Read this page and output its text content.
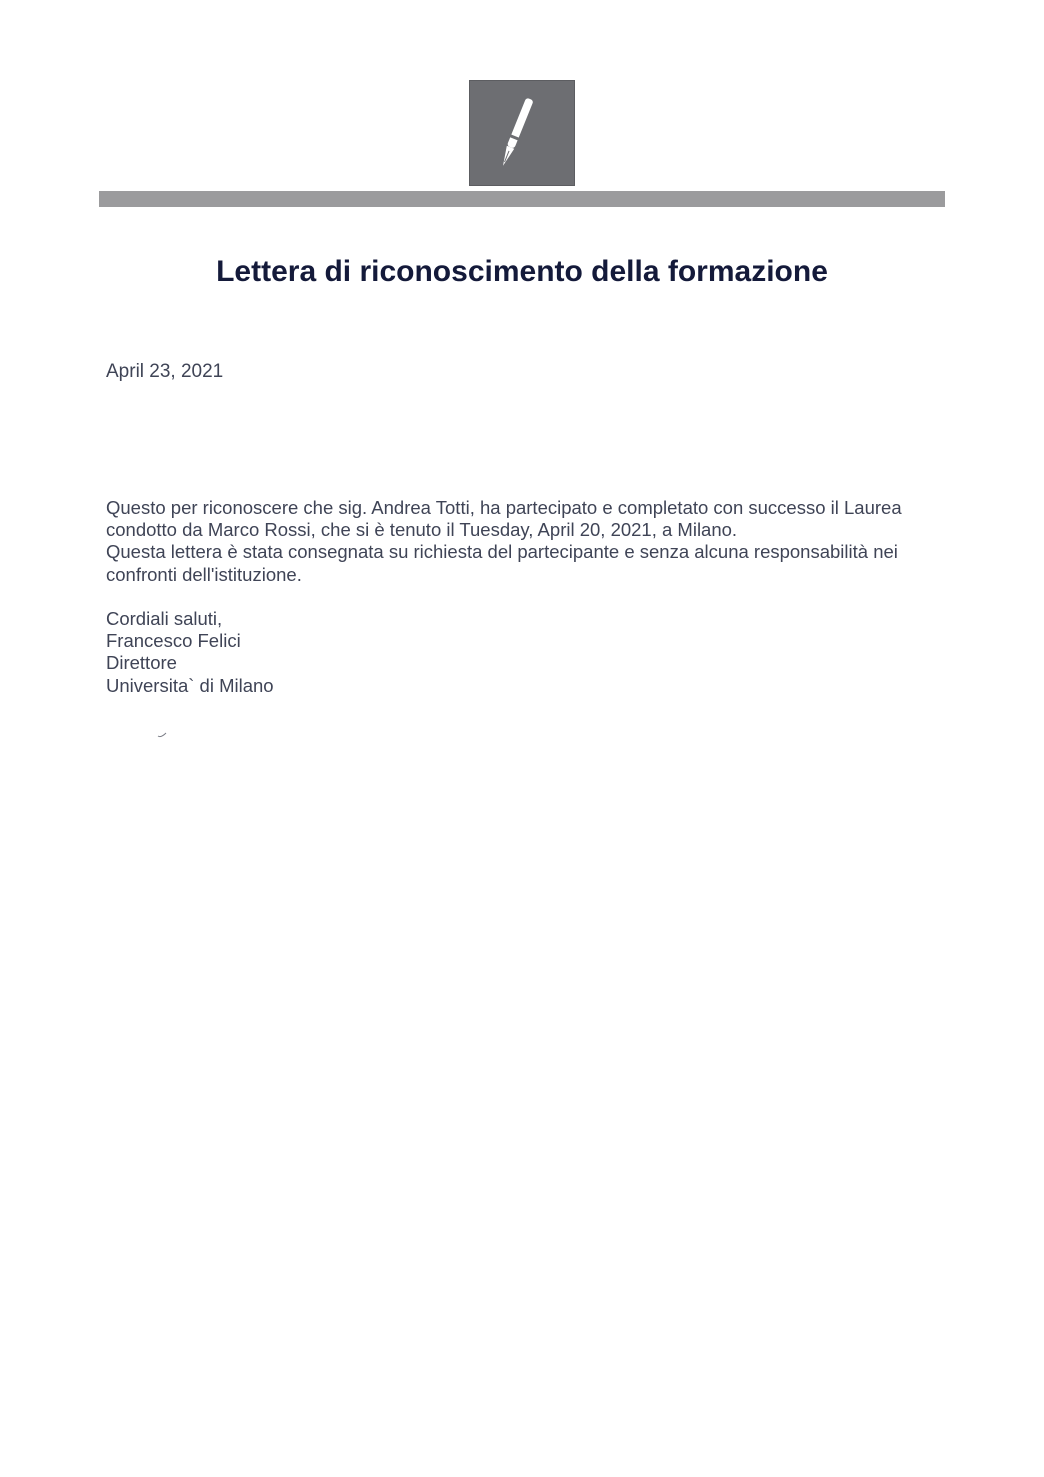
Lettera di riconoscimento della formazione
April 23, 2021

Questo per riconoscere che sig. Andrea Totti, ha partecipato e completato con successo il Laurea condotto da Marco Rossi, che si è tenuto il Tuesday, April 20, 2021, a Milano.

Questa lettera è stata consegnata su richiesta del partecipante e senza alcuna responsabilità nei confronti dell'istituzione.

Cordiali saluti,
Francesco Felici
Direttore
Universita` di Milano
